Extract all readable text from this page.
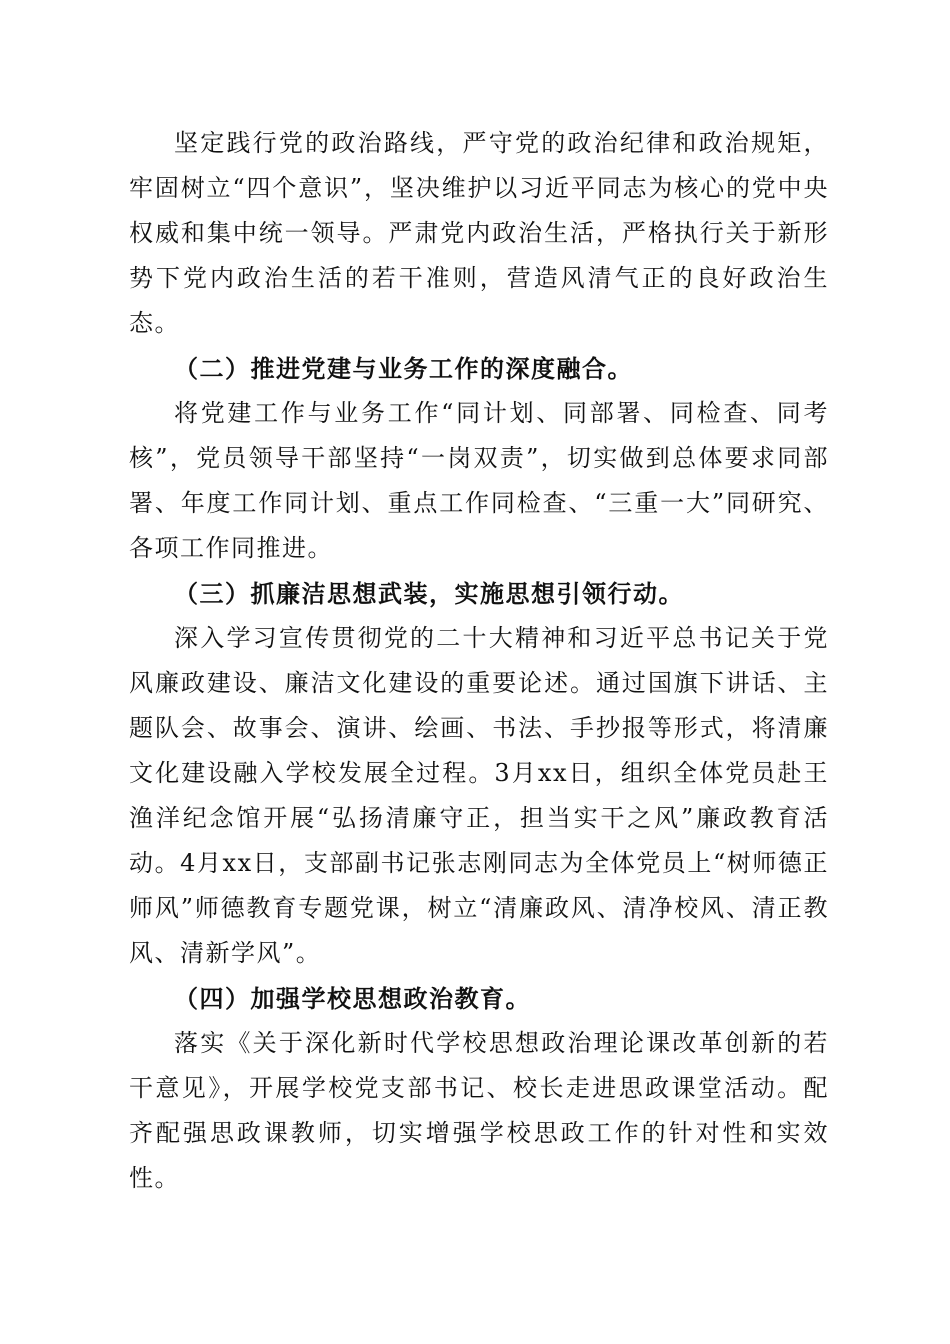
坚定践行党的政治路线，严守党的政治纪律和政治规矩，牢固树立“四个意识”，坚决维护以习近平同志为核心的党中央权威和集中统一领导。严肃党内政治生活，严格执行关于新形势下党内政治生活的若干准则，营造风清气正的良好政治生态。

（二）推进党建与业务工作的深度融合。

将党建工作与业务工作“同计划、同部署、同检查、同考核”，党员领导干部坚持“一岗双责”，切实做到总体要求同部署、年度工作同计划、重点工作同检查、“三重一大”同研究、各项工作同推进。

（三）抓廉洁思想武装，实施思想引领行动。

深入学习宣传贯彻党的二十大精神和习近平总书记关于党风廉政建设、廉洁文化建设的重要论述。通过国旗下讲话、主题队会、故事会、演讲、绘画、书法、手抄报等形式，将清廉文化建设融入学校发展全过程。3月xx日，组织全体党员赴王渔洋纪念馆开展“弘扬清廉守正，担当实干之风”廉政教育活动。4月xx日，支部副书记张志刚同志为全体党员上“树师德正师风”师德教育专题党课，树立“清廉政风、清净校风、清正教风、清新学风”。

（四）加强学校思想政治教育。

落实《关于深化新时代学校思想政治理论课改革创新的若干意见》，开展学校党支部书记、校长走进思政课堂活动。配齐配强思政课教师，切实增强学校思政工作的针对性和实效性。
